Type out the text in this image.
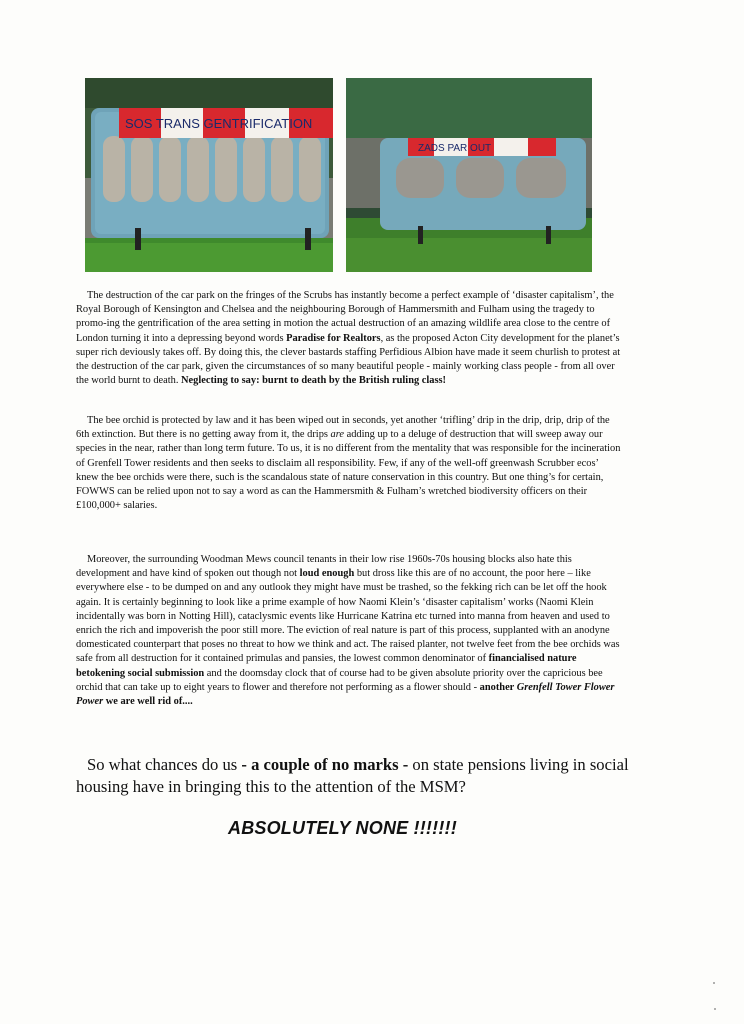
SOS TRANS GENTRIFICATION
ZADS PAR OUT

The destruction of the car park on the fringes of the Scrubs has instantly become a perfect example of ‘disaster capitalism’, the Royal Borough of Kensington and Chelsea and the neighbouring Borough of Hammersmith and Fulham using the tragedy to promo-ing the gentrification of the area setting in motion the actual destruction of an amazing wildlife area close to the centre of London turning it into a depressing beyond words Paradise for Realtors, as the proposed Acton City development for the planet’s super rich deviously takes off. By doing this, the clever bastards staffing Perfidious Albion have made it seem churlish to protest at the destruction of the car park, given the circumstances of so many beautiful people - mainly working class people - from all over the world burnt to death. Neglecting to say: burnt to death by the British ruling class!

The bee orchid is protected by law and it has been wiped out in seconds, yet another ‘trifling’ drip in the drip, drip, drip of the 6th extinction. But there is no getting away from it, the drips are adding up to a deluge of destruction that will sweep away our species in the near, rather than long term future. To us, it is no different from the mentality that was responsible for the incineration of Grenfell Tower residents and then seeks to disclaim all responsibility. Few, if any of the well-off greenwash Scrubber ecos’ knew the bee orchids were there, such is the scandalous state of nature conservation in this country. But one thing’s for certain, FOWWS can be relied upon not to say a word as can the Hammersmith & Fulham’s wretched biodiversity officers on their £100,000+ salaries.

Moreover, the surrounding Woodman Mews council tenants in their low rise 1960s-70s housing blocks also hate this development and have kind of spoken out though not loud enough but dross like this are of no account, the poor here – like everywhere else - to be dumped on and any outlook they might have must be trashed, so the fekking rich can be let off the hook again. It is certainly beginning to look like a prime example of how Naomi Klein’s ‘disaster capitalism’ works (Naomi Klein incidentally was born in Notting Hill), cataclysmic events like Hurricane Katrina etc turned into manna from heaven and used to enrich the rich and impoverish the poor still more. The eviction of real nature is part of this process, supplanted with an anodyne domesticated counterpart that poses no threat to how we think and act. The raised planter, not twelve feet from the bee orchids was safe from all destruction for it contained primulas and pansies, the lowest common denominator of financialised nature betokening social submission and the doomsday clock that of course had to be given absolute priority over the capricious bee orchid that can take up to eight years to flower and therefore not performing as a flower should - another Grenfell Tower Flower Power we are well rid of....

So what chances do us - a couple of no marks - on state pensions living in social housing have in bringing this to the attention of the MSM?

ABSOLUTELY NONE !!!!!!!
